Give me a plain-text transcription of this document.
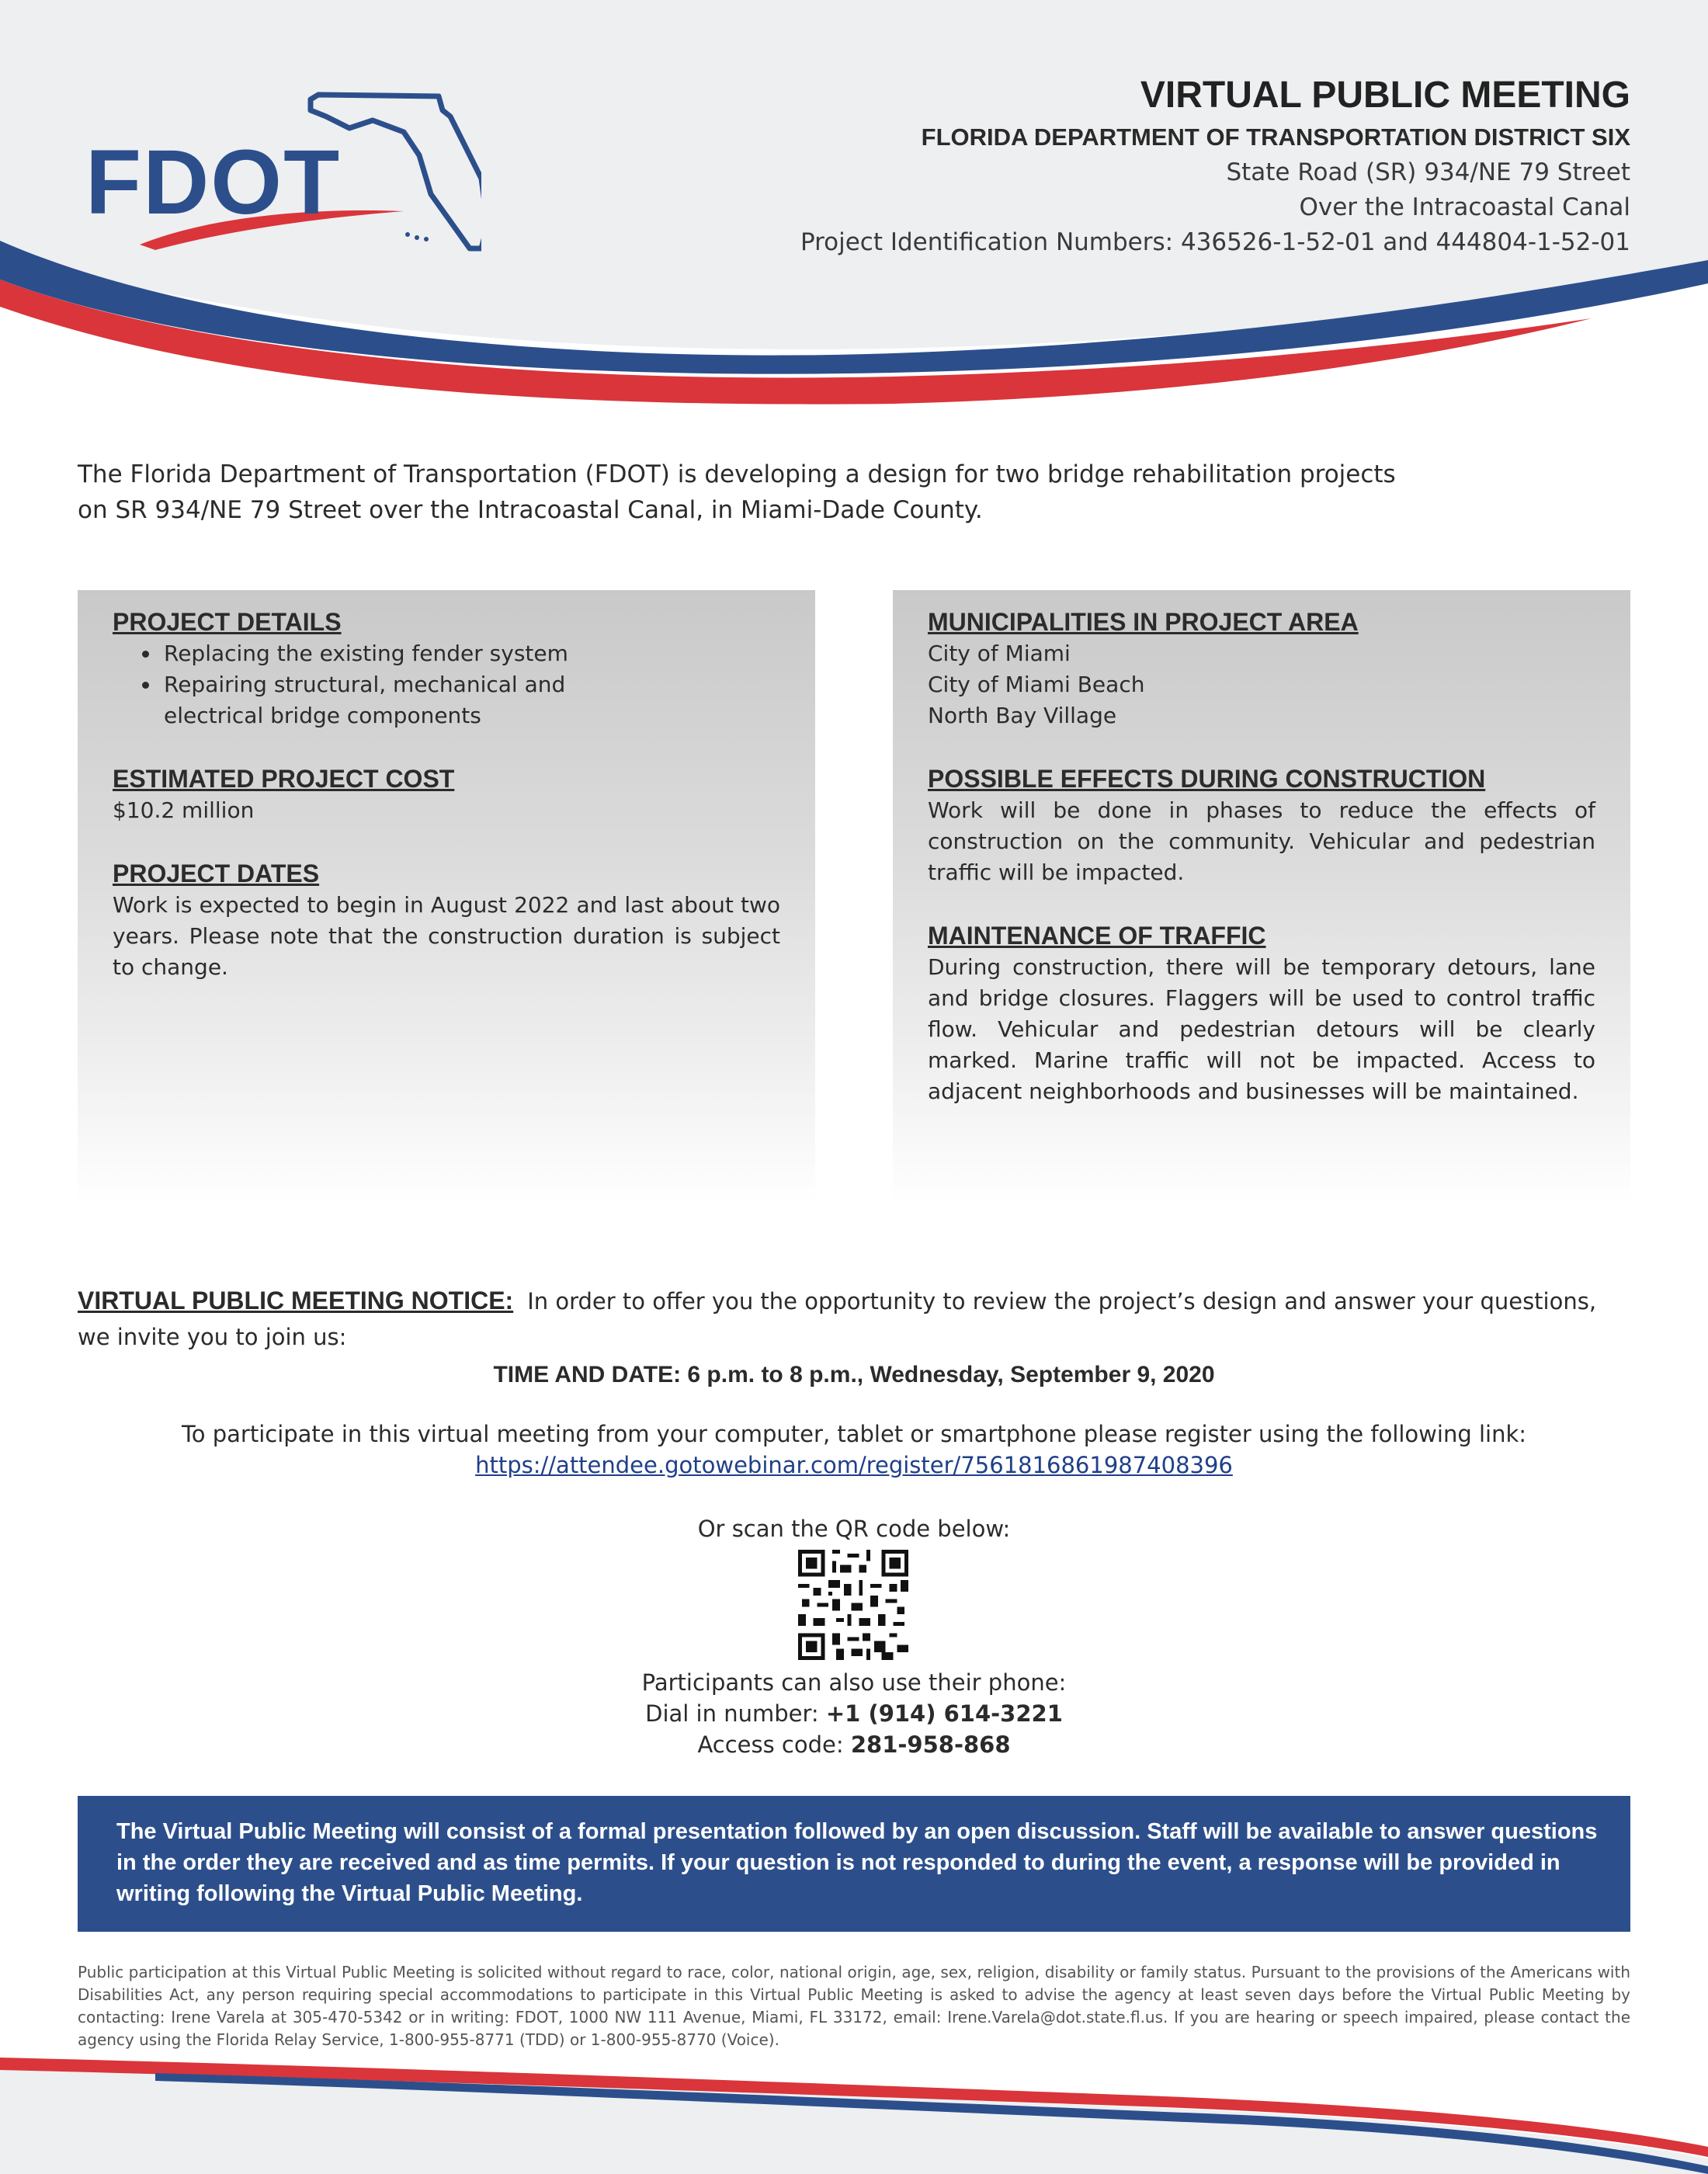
FDOT
VIRTUAL PUBLIC MEETING
FLORIDA DEPARTMENT OF TRANSPORTATION DISTRICT SIX
State Road (SR) 934/NE 79 Street
Over the Intracoastal Canal
Project Identification Numbers: 436526-1-52-01 and 444804-1-52-01
The Florida Department of Transportation (FDOT) is developing a design for two bridge rehabilitation projects on SR 934/NE 79 Street over the Intracoastal Canal, in Miami-Dade County.
PROJECT DETAILS
• Replacing the existing fender system
• Repairing structural, mechanical and electrical bridge components
ESTIMATED PROJECT COST
$10.2 million
PROJECT DATES
Work is expected to begin in August 2022 and last about two years. Please note that the construction duration is subject to change.
MUNICIPALITIES IN PROJECT AREA
City of Miami
City of Miami Beach
North Bay Village
POSSIBLE EFFECTS DURING CONSTRUCTION
Work will be done in phases to reduce the effects of construction on the community. Vehicular and pedestrian traffic will be impacted.
MAINTENANCE OF TRAFFIC
During construction, there will be temporary detours, lane and bridge closures. Flaggers will be used to control traffic flow. Vehicular and pedestrian detours will be clearly marked. Marine traffic will not be impacted. Access to adjacent neighborhoods and businesses will be maintained.
VIRTUAL PUBLIC MEETING NOTICE: In order to offer you the opportunity to review the project’s design and answer your questions, we invite you to join us:
TIME AND DATE: 6 p.m. to 8 p.m., Wednesday, September 9, 2020
To participate in this virtual meeting from your computer, tablet or smartphone please register using the following link:
https://attendee.gotowebinar.com/register/7561816861987408396
Or scan the QR code below:
Participants can also use their phone:
Dial in number: +1 (914) 614-3221
Access code: 281-958-868
The Virtual Public Meeting will consist of a formal presentation followed by an open discussion. Staff will be available to answer questions in the order they are received and as time permits. If your question is not responded to during the event, a response will be provided in writing following the Virtual Public Meeting.
Public participation at this Virtual Public Meeting is solicited without regard to race, color, national origin, age, sex, religion, disability or family status. Pursuant to the provisions of the Americans with Disabilities Act, any person requiring special accommodations to participate in this Virtual Public Meeting is asked to advise the agency at least seven days before the Virtual Public Meeting by contacting: Irene Varela at 305-470-5342 or in writing: FDOT, 1000 NW 111 Avenue, Miami, FL 33172, email: Irene.Varela@dot.state.fl.us. If you are hearing or speech impaired, please contact the agency using the Florida Relay Service, 1-800-955-8771 (TDD) or 1-800-955-8770 (Voice).
